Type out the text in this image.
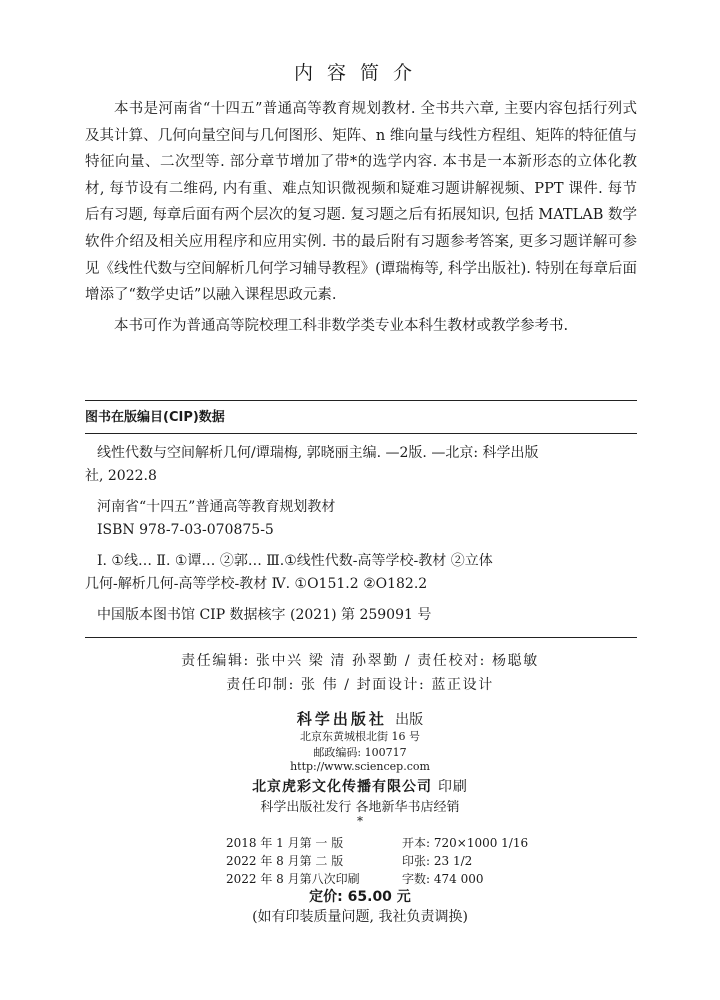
内容简介

本书是河南省“十四五”普通高等教育规划教材. 全书共六章, 主要内容包括行列式及其计算、几何向量空间与几何图形、矩阵、n 维向量与线性方程组、矩阵的特征值与特征向量、二次型等. 部分章节增加了带*的选学内容. 本书是一本新形态的立体化教材, 每节设有二维码, 内有重、难点知识微视频和疑难习题讲解视频、PPT 课件. 每节后有习题, 每章后面有两个层次的复习题. 复习题之后有拓展知识, 包括 MATLAB 数学软件介绍及相关应用程序和应用实例. 书的最后附有习题参考答案, 更多习题详解可参见《线性代数与空间解析几何学习辅导教程》(谭瑞梅等, 科学出版社). 特别在每章后面增添了“数学史话”以融入课程思政元素.

本书可作为普通高等院校理工科非数学类专业本科生教材或教学参考书.

图书在版编目(CIP)数据
线性代数与空间解析几何/谭瑞梅, 郭晓丽主编. —2版. —北京: 科学出版
社, 2022.8
河南省“十四五”普通高等教育规划教材
ISBN 978-7-03-070875-5
Ⅰ. ①线… Ⅱ. ①谭… ②郭… Ⅲ.①线性代数-高等学校-教材 ②立体
几何-解析几何-高等学校-教材 Ⅳ. ①O151.2 ②O182.2
中国版本图书馆 CIP 数据核字 (2021) 第 259091 号
责任编辑: 张中兴 梁 清 孙翠勤 / 责任校对: 杨聪敏
责任印制: 张 伟 / 封面设计: 蓝正设计
科学出版社 出版
北京东黄城根北街 16 号
邮政编码: 100717
http://www.sciencep.com
北京虎彩文化传播有限公司 印刷
科学出版社发行 各地新华书店经销
*
2018 年 1 月第 一 版	开本: 720×1000 1/16
2022 年 8 月第 二 版	印张: 23 1/2
2022 年 8 月第八次印刷	字数: 474 000
定价: 65.00 元
(如有印装质量问题, 我社负责调换)
